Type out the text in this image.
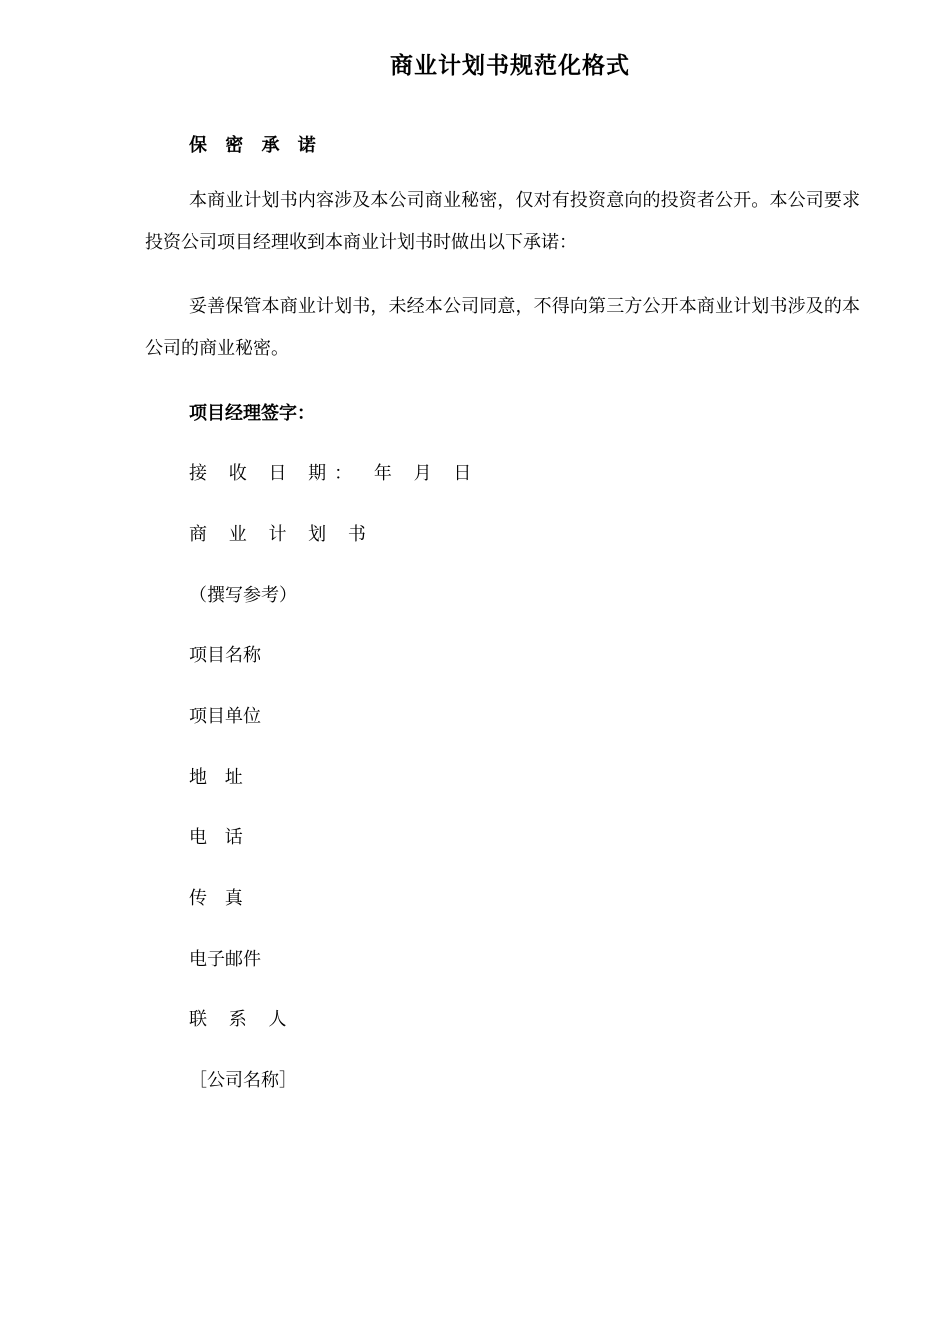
商业计划书规范化格式
保 密 承 诺
本商业计划书内容涉及本公司商业秘密，仅对有投资意向的投资者公开。本公司要求投资公司项目经理收到本商业计划书时做出以下承诺：
妥善保管本商业计划书，未经本公司同意，不得向第三方公开本商业计划书涉及的本公司的商业秘密。
项目经理签字：
接 收 日 期： 年 月 日
商 业 计 划 书
（撰写参考）
项目名称
项目单位
地 址
电 话
传 真
电子邮件
联 系 人
［公司名称］
